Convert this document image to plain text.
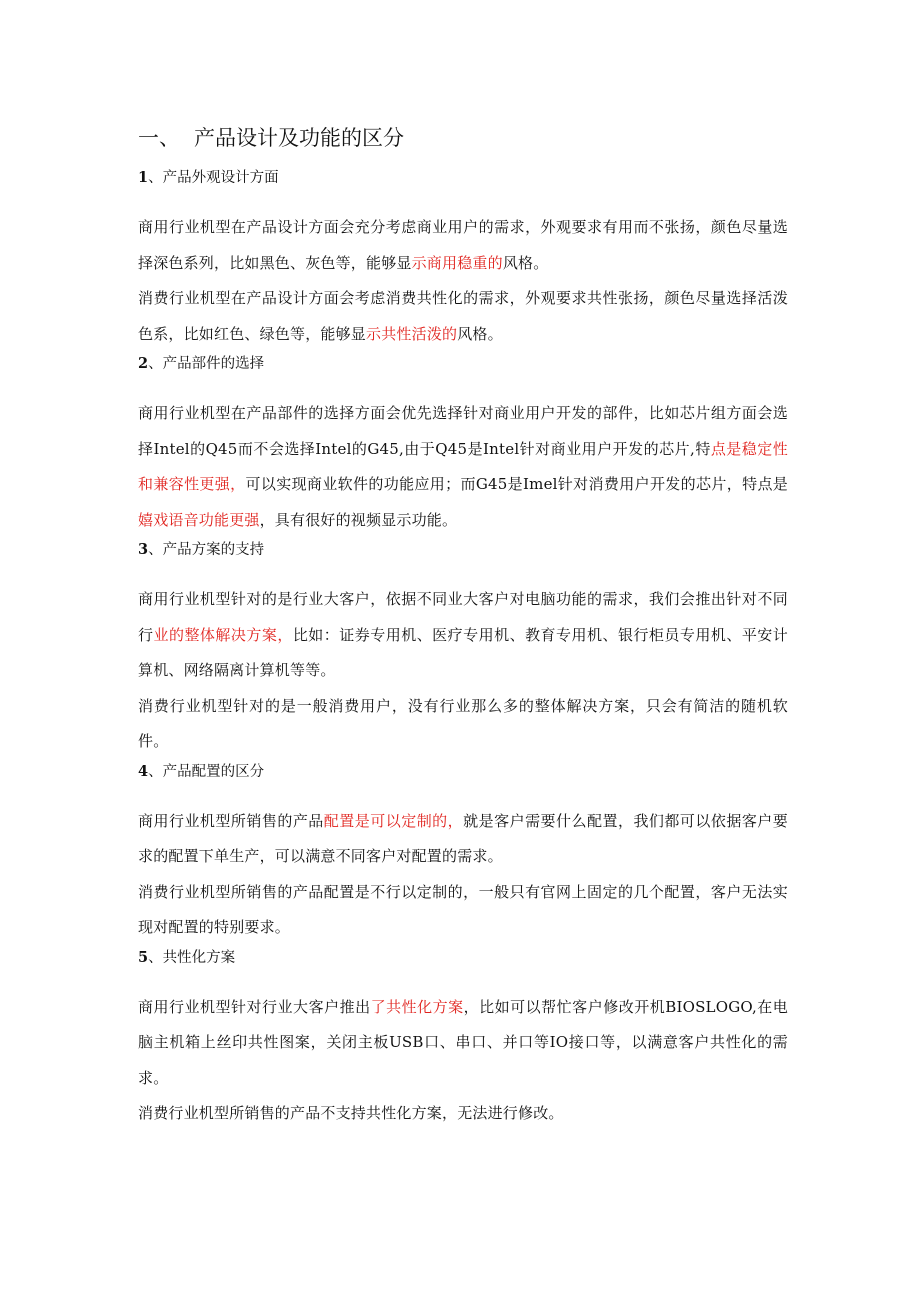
一、 产品设计及功能的区分
1、产品外观设计方面

商用行业机型在产品设计方面会充分考虑商业用户的需求，外观要求有用而不张扬，颜色尽量选择深色系列，比如黑色、灰色等，能够显示商用稳重的风格。

消费行业机型在产品设计方面会考虑消费共性化的需求，外观要求共性张扬，颜色尽量选择活泼色系，比如红色、绿色等，能够显示共性活泼的风格。

2、产品部件的选择

商用行业机型在产品部件的选择方面会优先选择针对商业用户开发的部件，比如芯片组方面会选择Intel的Q45而不会选择Intel的G45,由于Q45是Intel针对商业用户开发的芯片,特点是稳定性和兼容性更强，可以实现商业软件的功能应用；而G45是Imel针对消费用户开发的芯片，特点是嬉戏语音功能更强，具有很好的视频显示功能。

3、产品方案的支持

商用行业机型针对的是行业大客户，依据不同业大客户对电脑功能的需求，我们会推出针对不同行业的整体解决方案，比如：证券专用机、医疗专用机、教育专用机、银行柜员专用机、平安计算机、网络隔离计算机等等。

消费行业机型针对的是一般消费用户，没有行业那么多的整体解决方案，只会有简洁的随机软件。

4、产品配置的区分

商用行业机型所销售的产品配置是可以定制的，就是客户需要什么配置，我们都可以依据客户要求的配置下单生产，可以满意不同客户对配置的需求。

消费行业机型所销售的产品配置是不行以定制的，一般只有官网上固定的几个配置，客户无法实现对配置的特别要求。

5、共性化方案

商用行业机型针对行业大客户推出了共性化方案，比如可以帮忙客户修改开机BIOSLOGO,在电脑主机箱上丝印共性图案，关闭主板USB口、串口、并口等IO接口等，以满意客户共性化的需求。

消费行业机型所销售的产品不支持共性化方案，无法进行修改。
